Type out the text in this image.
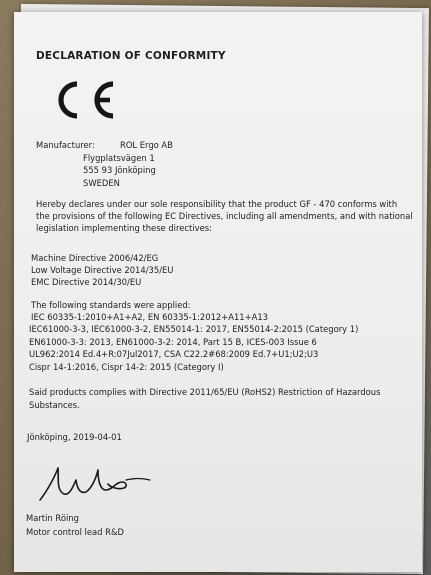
DECLARATION OF CONFORMITY
Manufacturer:	ROL Ergo AB
Flygplatsvägen 1
555 93 Jönköping
SWEDEN
Hereby declares under our sole responsibility that the product GF - 470 conforms with
the provisions of the following EC Directives, including all amendments, and with national
legislation implementing these directives:
Machine Directive 2006/42/EG
Low Voltage Directive 2014/35/EU
EMC Directive 2014/30/EU
The following standards were applied:
IEC 60335-1:2010+A1+A2, EN 60335-1:2012+A11+A13
IEC61000-3-3, IEC61000-3-2, EN55014-1: 2017, EN55014-2:2015 (Category 1)
EN61000-3-3: 2013, EN61000-3-2: 2014, Part 15 B, ICES-003 Issue 6
UL962:2014 Ed.4+R:07Jul2017, CSA C22.2#68:2009 Ed.7+U1;U2;U3
Cispr 14-1:2016, Cispr 14-2: 2015 (Category I)
Said products complies with Directive 2011/65/EU (RoHS2) Restriction of Hazardous
Substances.
Jönköping, 2019-04-01
Martin Röing
Motor control lead R&D
